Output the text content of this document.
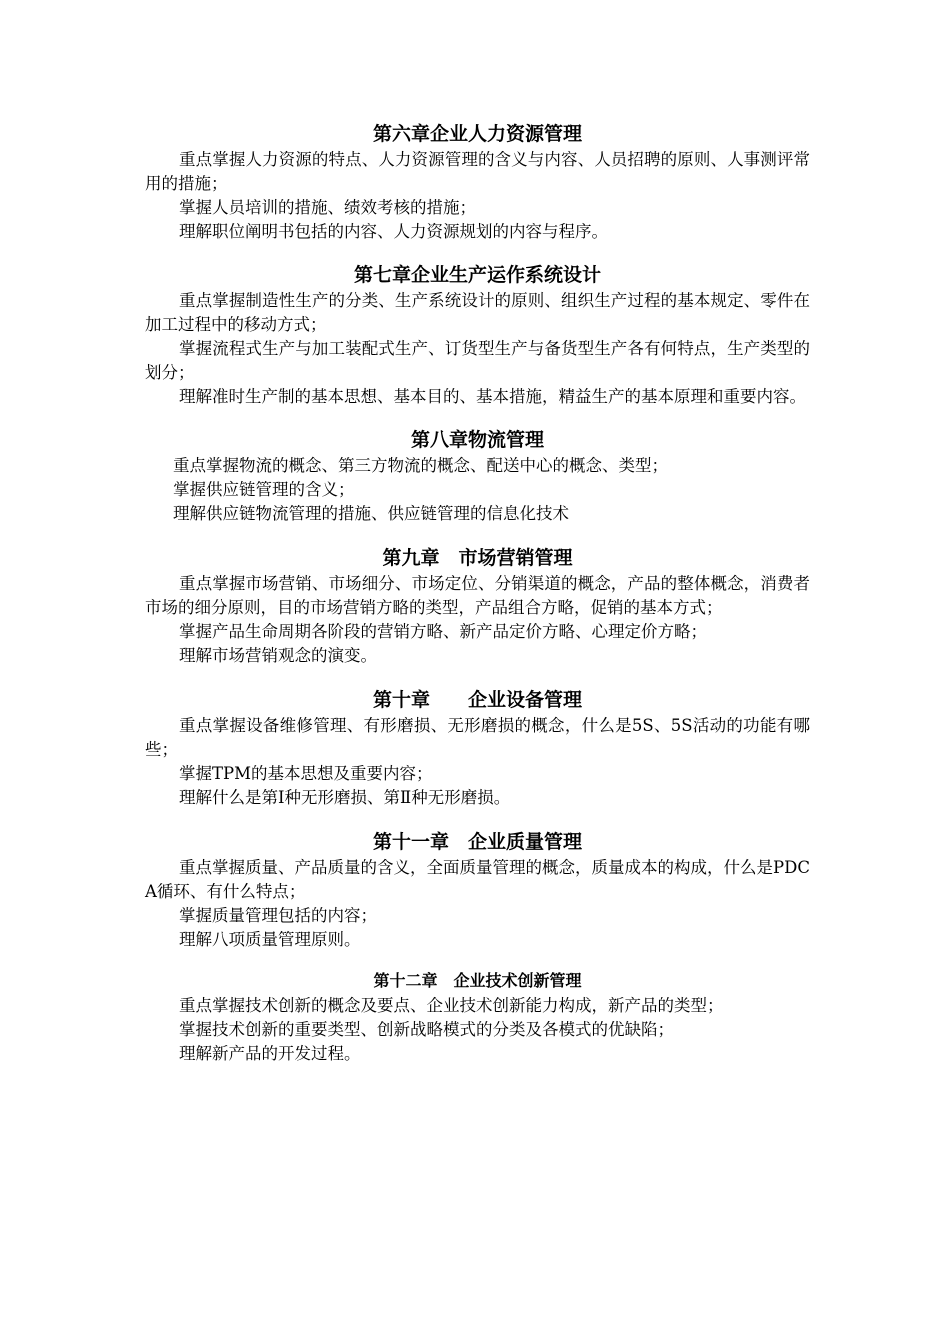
第六章企业人力资源管理

重点掌握人力资源的特点、人力资源管理的含义与内容、人员招聘的原则、人事测评常用的措施；

掌握人员培训的措施、绩效考核的措施；

理解职位阐明书包括的内容、人力资源规划的内容与程序。

第七章企业生产运作系统设计

重点掌握制造性生产的分类、生产系统设计的原则、组织生产过程的基本规定、零件在加工过程中的移动方式；

掌握流程式生产与加工装配式生产、订货型生产与备货型生产各有何特点，生产类型的划分；

理解准时生产制的基本思想、基本目的、基本措施，精益生产的基本原理和重要内容。

第八章物流管理

重点掌握物流的概念、第三方物流的概念、配送中心的概念、类型；

掌握供应链管理的含义；

理解供应链物流管理的措施、供应链管理的信息化技术

第九章　市场营销管理

重点掌握市场营销、市场细分、市场定位、分销渠道的概念，产品的整体概念，消费者市场的细分原则，目的市场营销方略的类型，产品组合方略，促销的基本方式；

掌握产品生命周期各阶段的营销方略、新产品定价方略、心理定价方略；

理解市场营销观念的演变。

第十章　　企业设备管理

重点掌握设备维修管理、有形磨损、无形磨损的概念，什么是5S、5S活动的功能有哪些；

掌握TPM的基本思想及重要内容；

理解什么是第Ⅰ种无形磨损、第Ⅱ种无形磨损。

第十一章　企业质量管理

重点掌握质量、产品质量的含义，全面质量管理的概念，质量成本的构成，什么是PDCA循环、有什么特点；

掌握质量管理包括的内容；

理解八项质量管理原则。

第十二章　企业技术创新管理

重点掌握技术创新的概念及要点、企业技术创新能力构成，新产品的类型；

掌握技术创新的重要类型、创新战略模式的分类及各模式的优缺陷；

理解新产品的开发过程。
